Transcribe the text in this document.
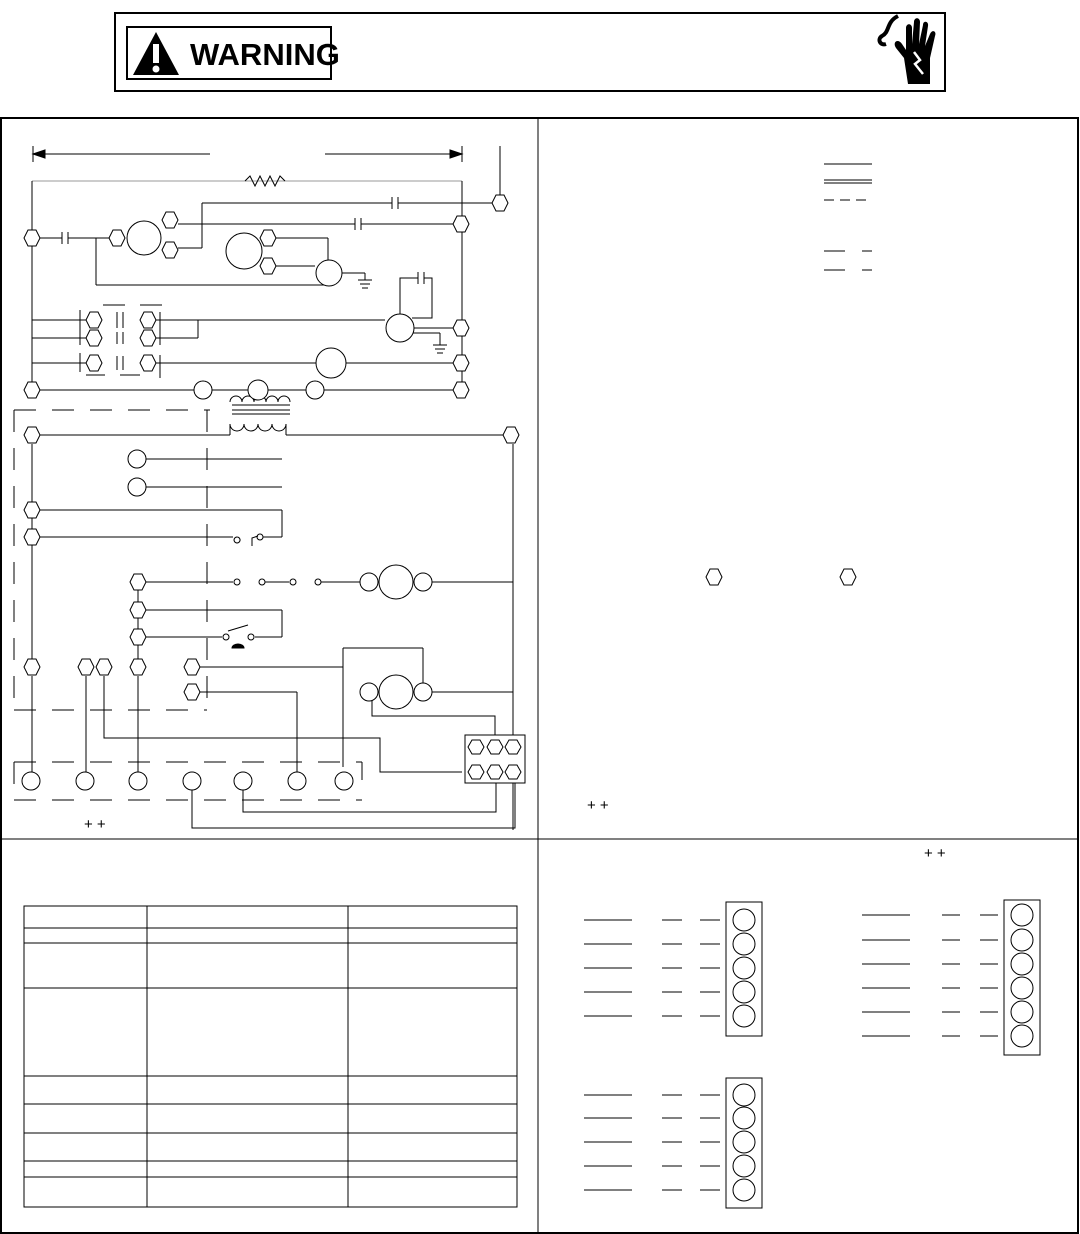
WARNING
+ +
+ +
+ +
